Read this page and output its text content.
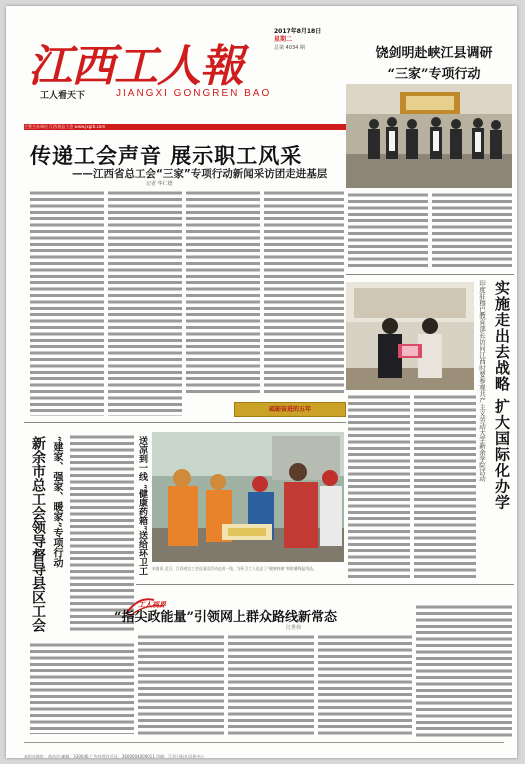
江西工人報
工人看天下	JIANGXI GONGREN BAO
2017年8月18日
星期二
总第 4034 期
主管主办单位 江西省总工会 www.jxgrb.com
饶剑明赴峡江县调研
“三家”专项行动
传递工会声音 展示职工风采
——江西省总工会“三家”专项行动新闻采访团走进基层
记者 华仁德
实施走出去战略 扩大国际化办学
印度驻穆巴教育部长访问江西时要参观共产主义劳动大学新余学院活动
砥砺奋进的五年
新余市总工会领导督导县区工会 “建家、强家、暖家”专项行动	送凉到一线 “健康药箱”送给环卫工	本报讯 近日，江西省总工会送清凉活动走进一线，为环卫工人送去了“健康药箱”和防暑降温用品。
工人视界
“指尖政能量”引领网上群众路线新常态
江世伟
本报社地址：南昌市 邮编：330046 广告经营许可证：3600004000011 印刷：江西日报社印务中心
